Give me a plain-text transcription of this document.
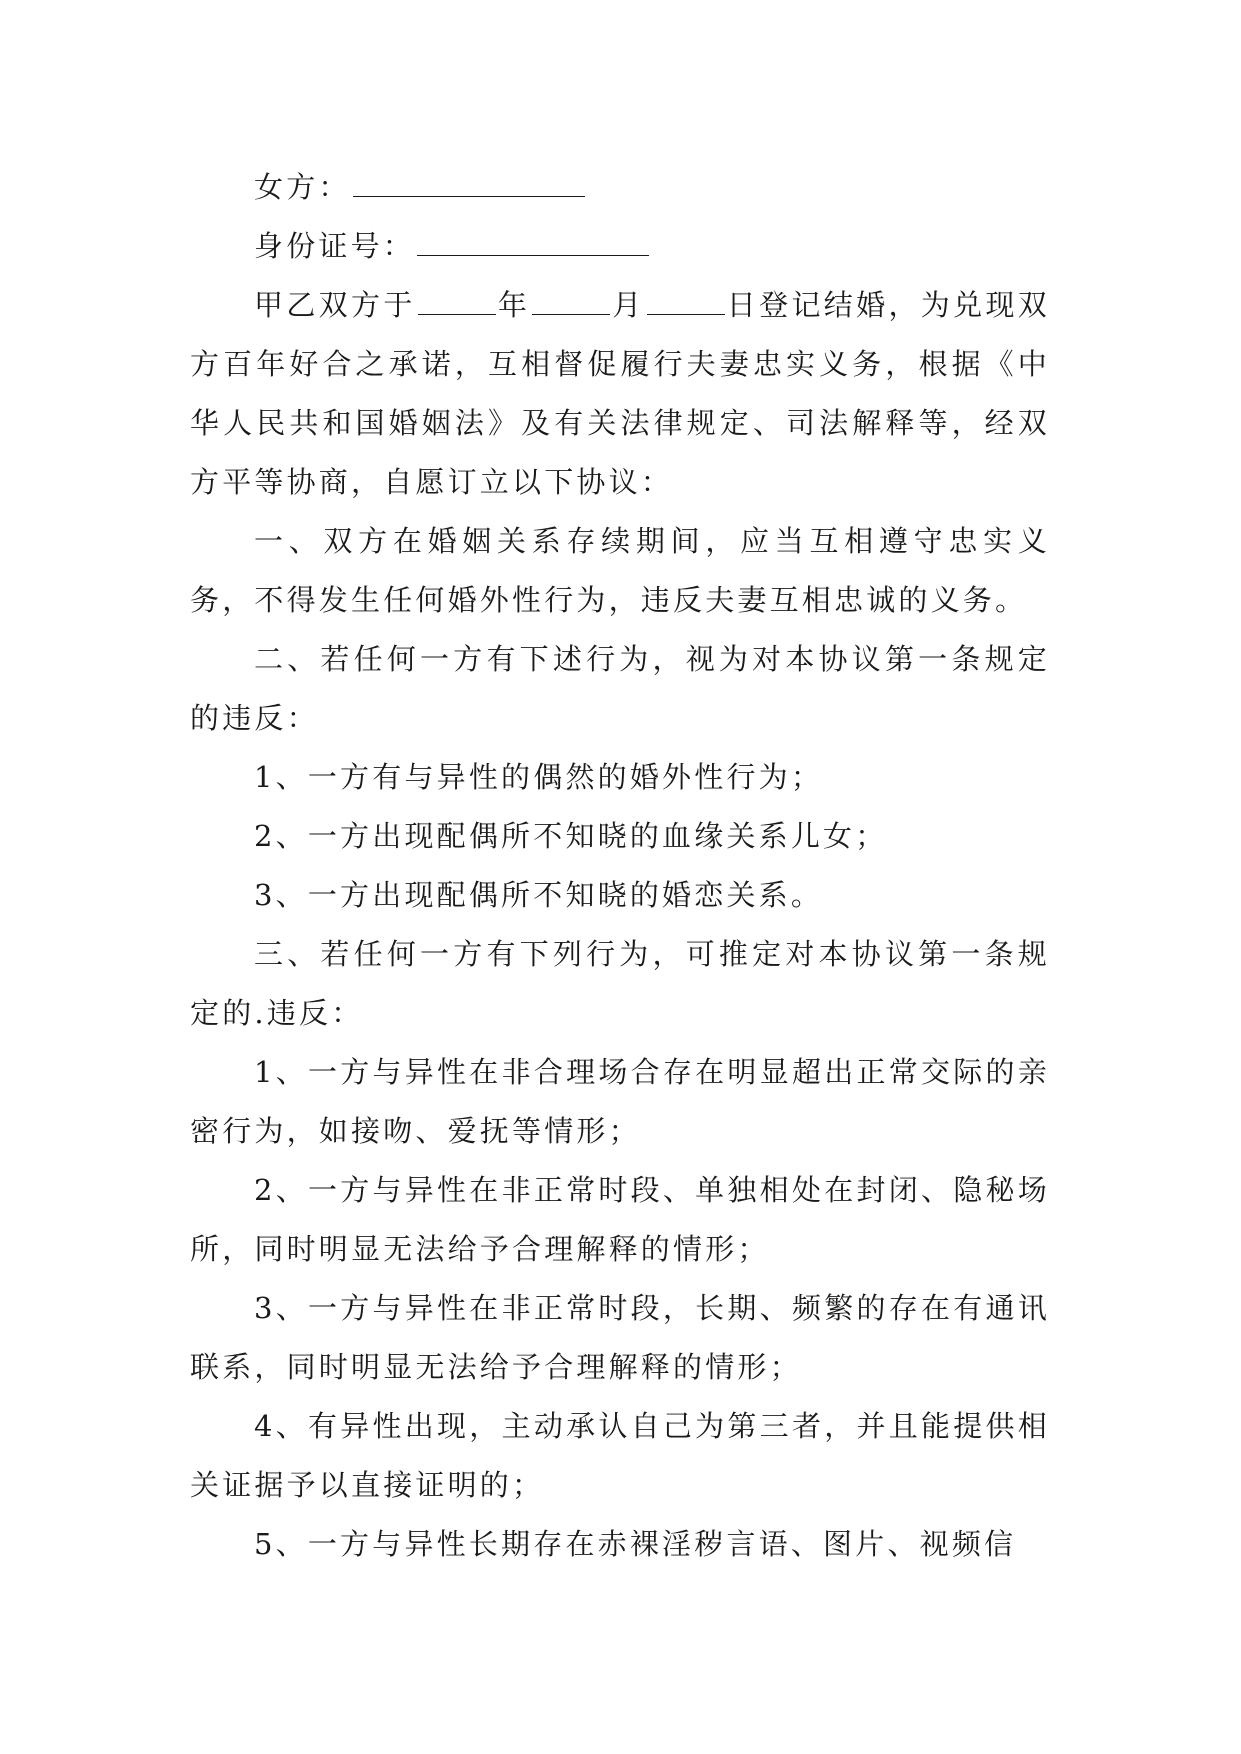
女方：

身份证号：

甲乙双方于	年	月	日登记结婚，为兑现双方百年好合之承诺，互相督促履行夫妻忠实义务，根据《中华人民共和国婚姻法》及有关法律规定、司法解释等，经双方平等协商，自愿订立以下协议：

一、双方在婚姻关系存续期间，应当互相遵守忠实义务，不得发生任何婚外性行为，违反夫妻互相忠诚的义务。

二、若任何一方有下述行为，视为对本协议第一条规定的违反：

1、一方有与异性的偶然的婚外性行为；

2、一方出现配偶所不知晓的血缘关系儿女；

3、一方出现配偶所不知晓的婚恋关系。

三、若任何一方有下列行为，可推定对本协议第一条规定的.违反：

1、一方与异性在非合理场合存在明显超出正常交际的亲密行为，如接吻、爱抚等情形；

2、一方与异性在非正常时段、单独相处在封闭、隐秘场所，同时明显无法给予合理解释的情形；

3、一方与异性在非正常时段，长期、频繁的存在有通讯联系，同时明显无法给予合理解释的情形；

4、有异性出现，主动承认自己为第三者，并且能提供相关证据予以直接证明的；

5、一方与异性长期存在赤裸淫秽言语、图片、视频信
